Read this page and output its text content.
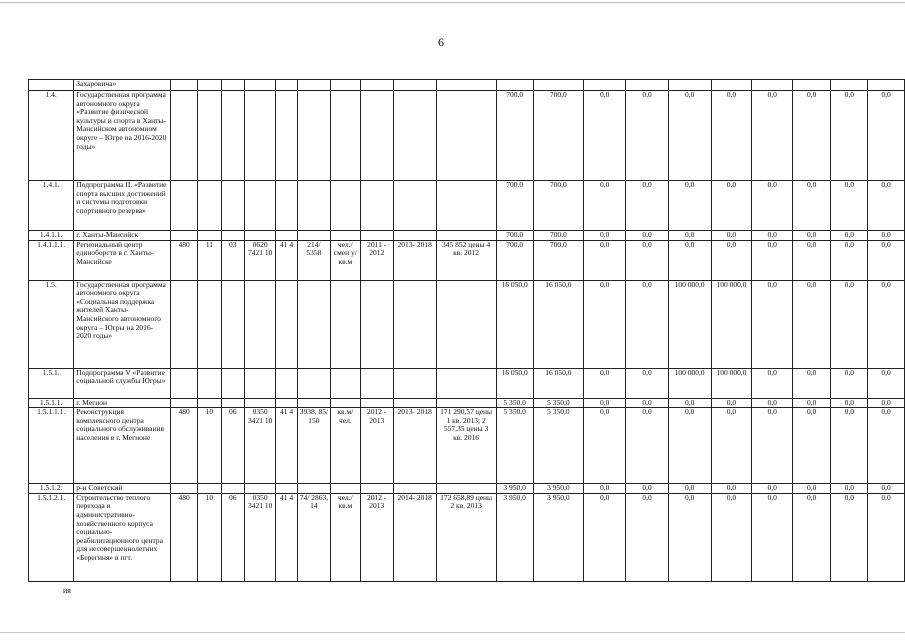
6
	Захаровича»																				
1.4.	Государственная программа автономного округа «Развитие физической культуры и спорта в Ханты-Мансийском автономном округе – Югре на 2016-2020 годы»											700,0	700,0	0,0	0,0	0,0	0,0	0,0	0,0	0,0	0,0
1.4.1.	Подпрограмма II. «Развитие спорта высших достижений и системы подготовки спортивного резерва»											700,0	700,0	0,0	0,0	0,0	0,0	0,0	0,0	0,0	0,0
1.4.1.1.	г. Ханты-Мансийск											700,0	700,0	0,0	0,0	0,0	0,0	0,0	0,0	0,0	0,0
1.4.1.1.1.	Региональный центр единоборств в г. Ханты-Мансийске	480	11	03	0620 7421 10	41 4	214/ 5358	чел./ смен у/ кв.м	2011 - 2012	2013- 2018	345 852 цены 4 кв. 2012	700,0	700,0	0,0	0,0	0,0	0,0	0,0	0,0	0,0	0,0
1.5.	Государственная программа автономного округа «Социальная поддержка жителей Ханты-Мансийского автономного округа – Югры на 2016-2020 годы»											16 050,0	16 050,0	0,0	0,0	100 000,0	100 000,0	0,0	0,0	0,0	0,0
1.5.1.	Подпрограмма V «Развитие социальной службы Югры»											16 050,0	16 050,0	0,0	0,0	100 000,0	100 000,0	0,0	0,0	0,0	0,0
1.5.1.1.	г. Мегион											5 350,0	5 350,0	0,0	0,0	0,0	0,0	0,0	0,0	0,0	0,0
1.5.1.1.1.	Реконструкция комплексного центра социального обслуживания населения в г. Мегионе	480	10	06	0350 3421 10	41 4	3938, 85/ 150	кв.м/ чел.	2012 - 2013	2013- 2018	171 290,57 цены 1 кв. 2013; 2 557,35 цены 3 кв. 2016	5 350,0	5 350,0	0,0	0,0	0,0	0,0	0,0	0,0	0,0	0,0
1.5.1.2.	р-н Советский											3 950,0	3 950,0	0,0	0,0	0,0	0,0	0,0	0,0	0,0	0,0
1.5.1.2.1.	Строительство теплого перехода и административно-хозяйственного корпуса социально-реабилитационного центра для несовершеннолетних «Берегиня» в пгт.	480	10	06	0350 3421 10	41 4	74/ 2863, 14	чел./ кв.м	2012 - 2013	2014- 2018	172 658,89 цены 2 кв. 2013	3 950,0	3 950,0	0,0	0,0	0,0	0,0	0,0	0,0	0,0	0,0
ия
